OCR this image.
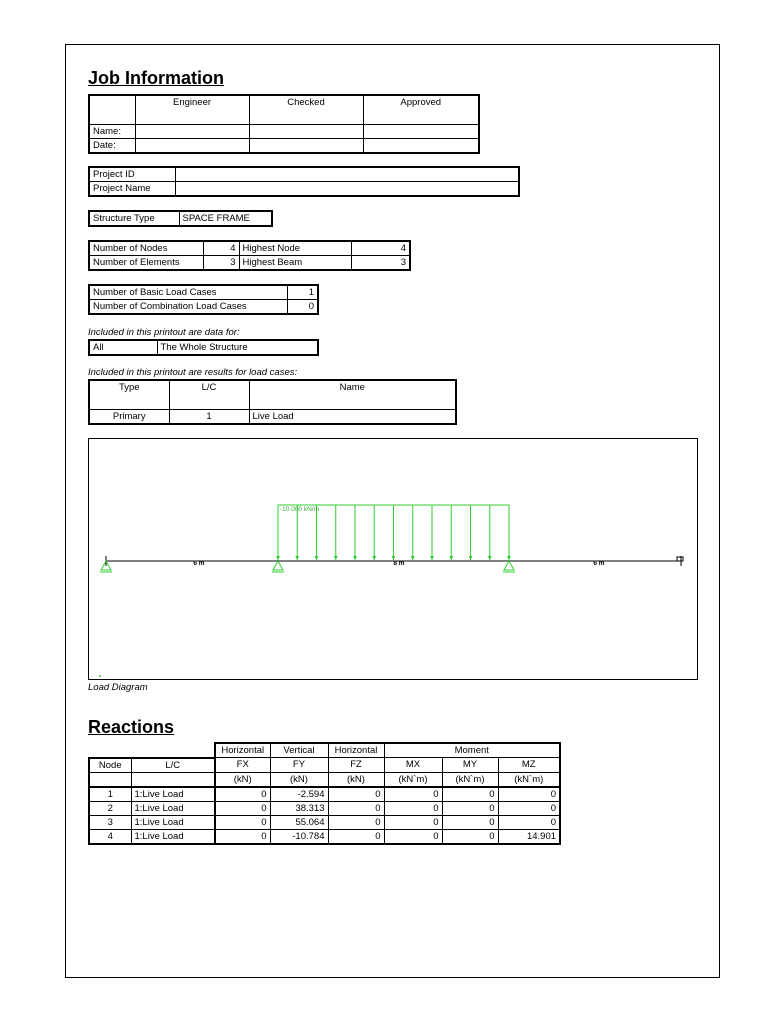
Job Information
	Engineer	Checked	Approved
Name:			
Date:			
Project ID	
Project Name	
Structure Type	SPACE FRAME
Number of Nodes	4	Highest Node	4
Number of Elements	3	Highest Beam	3
Number of Basic Load Cases	1
Number of Combination Load Cases	0
Included in this printout are data for:
All	The Whole Structure
Included in this printout are results for load cases:
Type	L/C	Name
Primary	1	Live Load
-10.000 kN/m
6 m	8 m	6 m
Load Diagram
Reactions
		Horizontal	Vertical	Horizontal	Moment		
Node	L/C	FX	FY	FZ	MX	MY	MZ
		(kN)	(kN)	(kN)	(kN`m)	(kN`m)	(kN`m)
1	1:Live Load	0	-2.594	0	0	0	0
2	1:Live Load	0	38.313	0	0	0	0
3	1:Live Load	0	55.064	0	0	0	0
4	1:Live Load	0	-10.784	0	0	0	14.901
